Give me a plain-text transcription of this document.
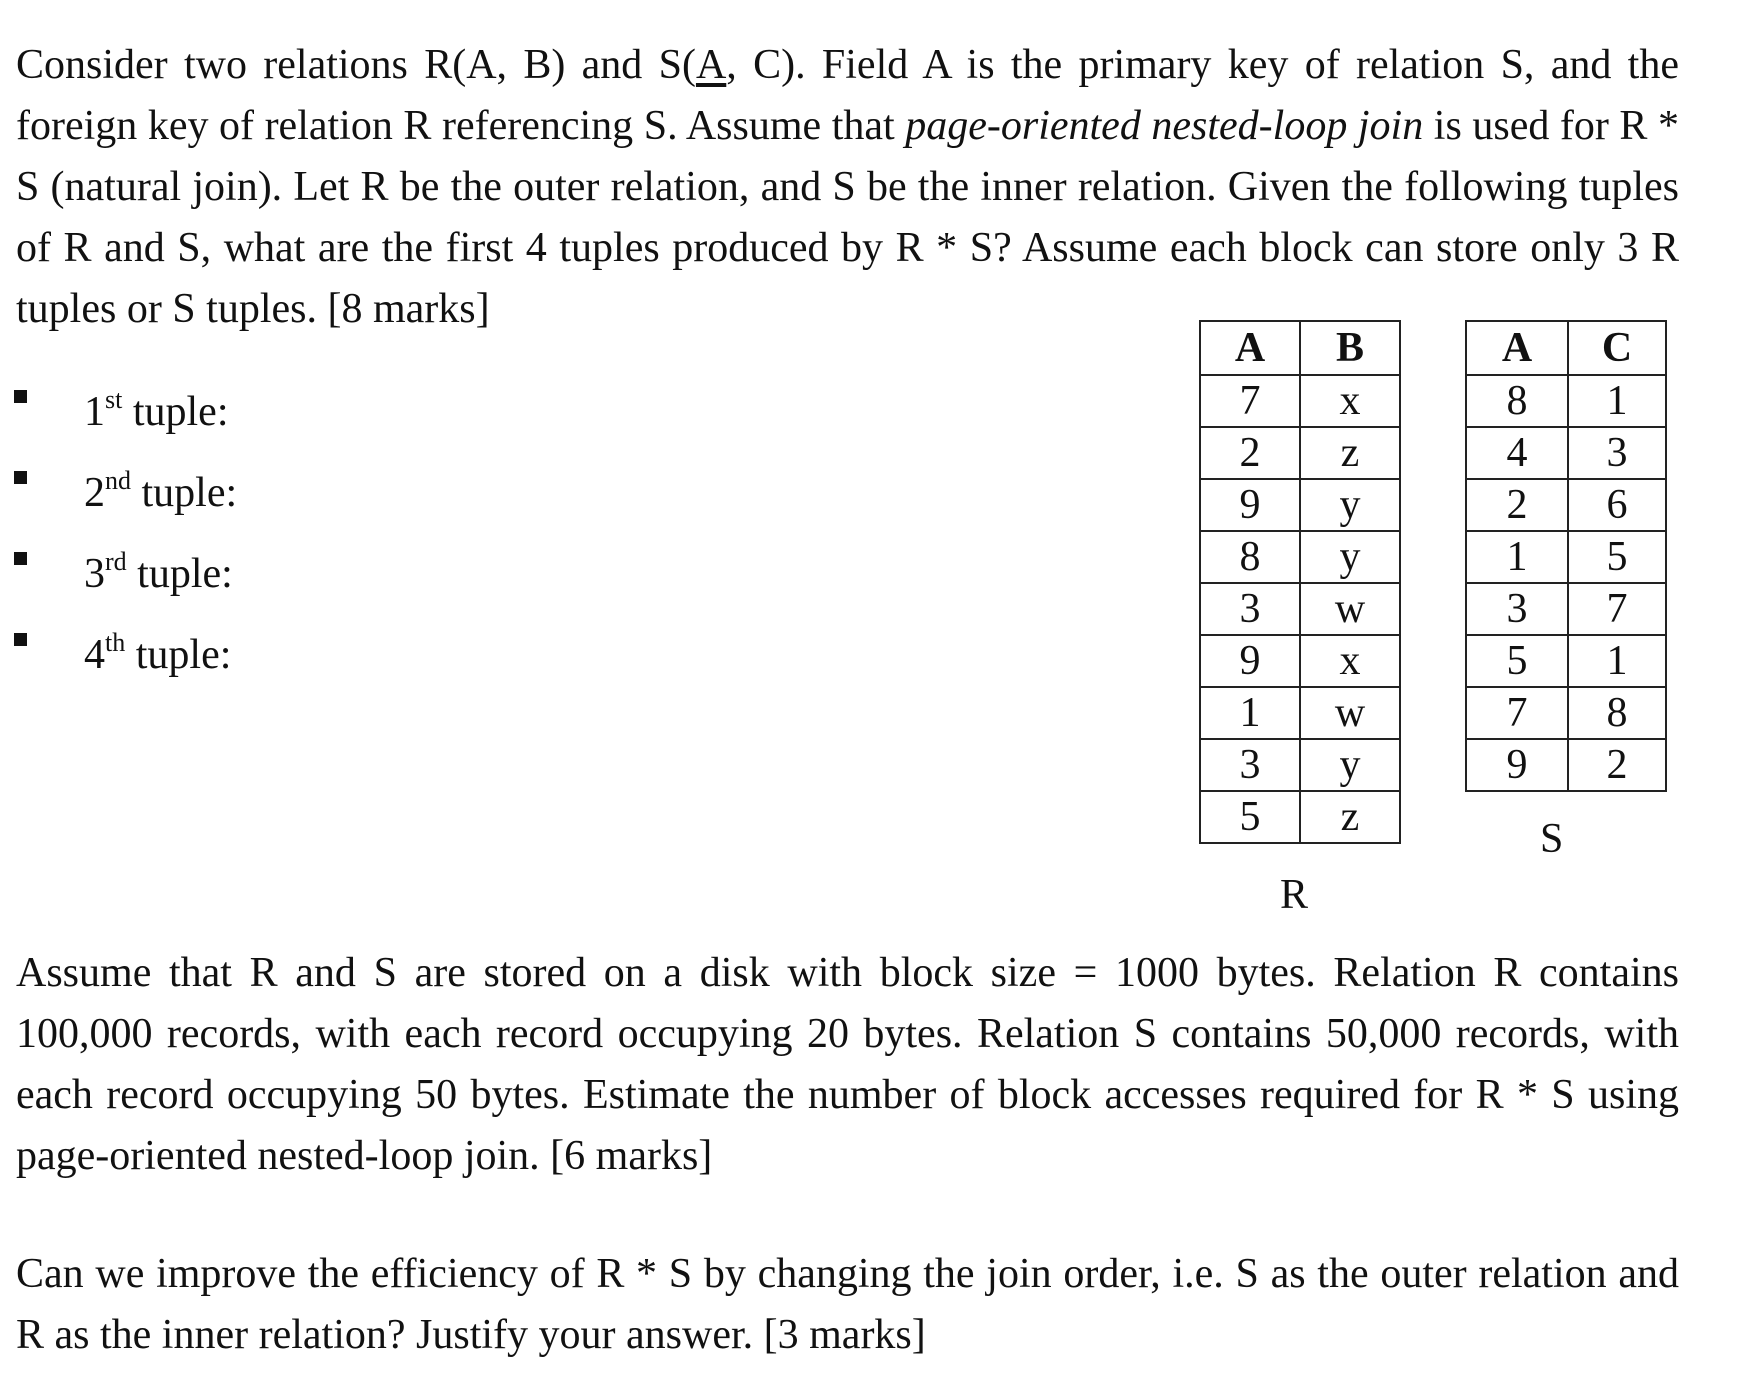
Consider two relations R(A, B) and S(A, C). Field A is the primary key of relation S, and the foreign key of relation R referencing S. Assume that page-oriented nested-loop join is used for R * S (natural join). Let R be the outer relation, and S be the inner relation. Given the following tuples of R and S, what are the first 4 tuples produced by R * S? Assume each block can store only 3 R tuples or S tuples. [8 marks]

1st tuple:
2nd tuple:
3rd tuple:
4th tuple:
A	B
7	x
2	z
9	y
8	y
3	w
9	x
1	w
3	y
5	z
R
A	C
8	1
4	3
2	6
1	5
3	7
5	1
7	8
9	2
S

Assume that R and S are stored on a disk with block size = 1000 bytes. Relation R contains 100,000 records, with each record occupying 20 bytes. Relation S contains 50,000 records, with each record occupying 50 bytes. Estimate the number of block accesses required for R * S using page-oriented nested-loop join. [6 marks]

Can we improve the efficiency of R * S by changing the join order, i.e. S as the outer relation and R as the inner relation? Justify your answer. [3 marks]
